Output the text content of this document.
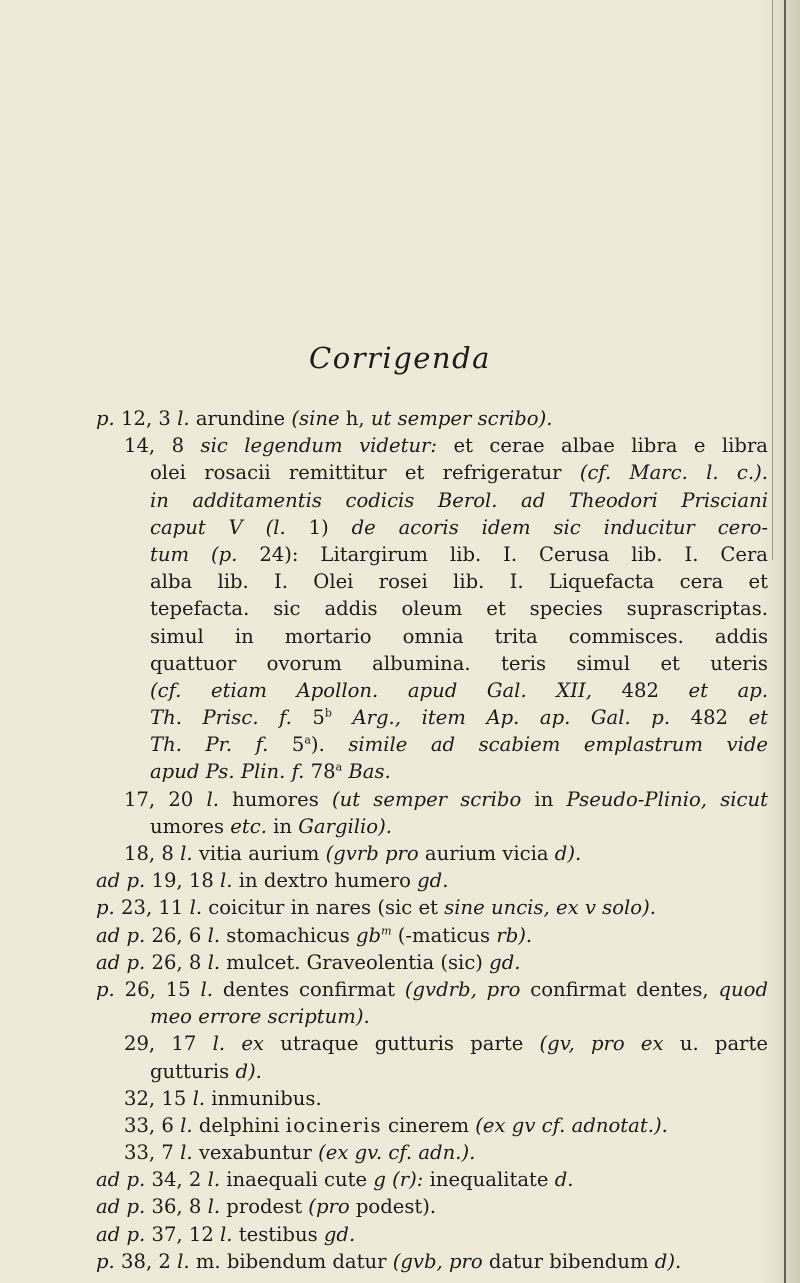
Corrigenda
p. 12, 3 l. arundine (sine h, ut semper scribo).
14, 8 sic legendum videtur: et cerae albae libra e libra
olei rosacii remittitur et refrigeratur (cf. Marc. l. c.).
in additamentis codicis Berol. ad Theodori Prisciani
caput V (l. 1) de acoris idem sic inducitur cero-
tum (p. 24): Litargirum lib. I. Cerusa lib. I. Cera
alba lib. I. Olei rosei lib. I. Liquefacta cera et
tepefacta. sic addis oleum et species suprascriptas.
simul in mortario omnia trita commisces. addis
quattuor ovorum albumina. teris simul et uteris
(cf. etiam Apollon. apud Gal. XII, 482 et ap.
Th. Prisc. f. 5$^b$ Arg., item Ap. ap. Gal. p. 482 et
Th. Pr. f. 5$^a$). simile ad scabiem emplastrum vide
apud Ps. Plin. f. 78$^a$ Bas.
17, 20 l. humores (ut semper scribo in Pseudo-Plinio, sicut
umores etc. in Gargilio).
18, 8 l. vitia aurium (gvrb pro aurium vicia d).
ad p. 19, 18 l. in dextro humero gd.
p. 23, 11 l. coicitur in nares (sic et sine uncis, ex v solo).
ad p. 26, 6 l. stomachicus $gb^m$ (-maticus rb).
ad p. 26, 8 l. mulcet. Graveolentia (sic) gd.
p. 26, 15 l. dentes confirmat (gvdrb, pro confirmat dentes, quod
meo errore scriptum).
29, 17 l. ex utraque gutturis parte (gv, pro ex u. parte
gutturis d).
32, 15 l. inmunibus.
33, 6 l. delphini iocineris cinerem (ex gv cf. adnotat.).
33, 7 l. vexabuntur (ex gv. cf. adn.).
ad p. 34, 2 l. inaequali cute g (r): inequalitate d.
ad p. 36, 8 l. prodest (pro podest).
ad p. 37, 12 l. testibus gd.
p. 38, 2 l. m. bibendum datur (gvb, pro datur bibendum d).
